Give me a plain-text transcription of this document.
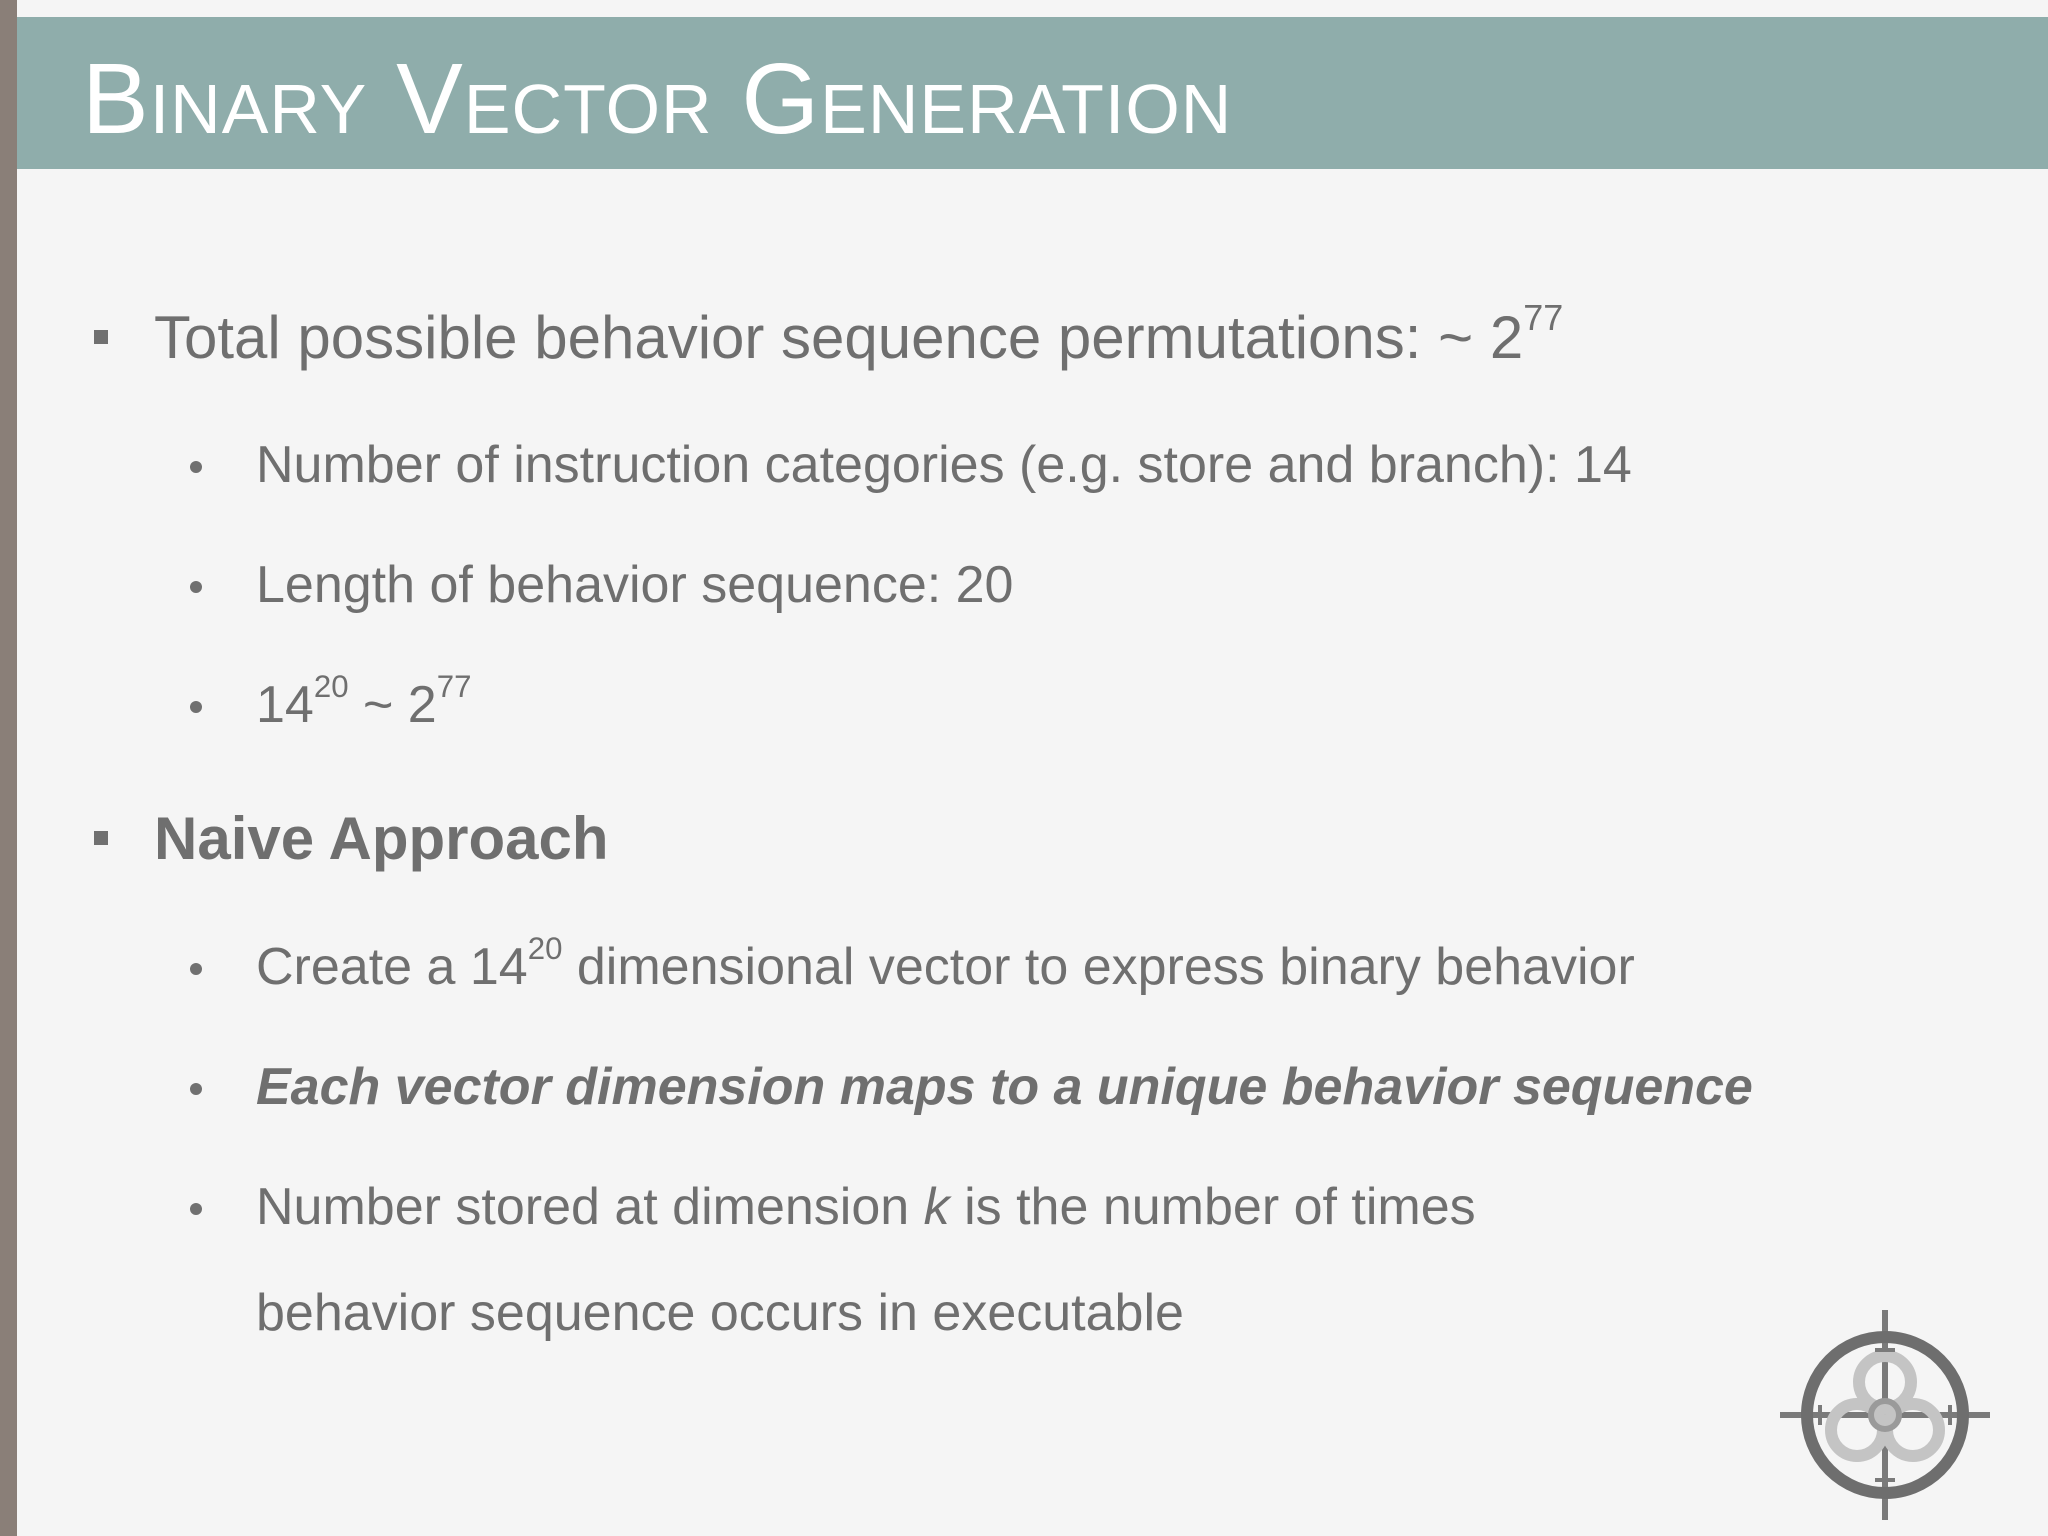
Binary Vector Generation
Total possible behavior sequence permutations: ~ $2^{77}$
Number of instruction categories (e.g. store and branch): 14
Length of behavior sequence: 20
$14^{20}$ ~ $2^{77}$
Naive Approach
Create a $14^{20}$ dimensional vector to express binary behavior
Each vector dimension maps to a unique behavior sequence
Number stored at dimension k is the number of times
behavior sequence occurs in executable
